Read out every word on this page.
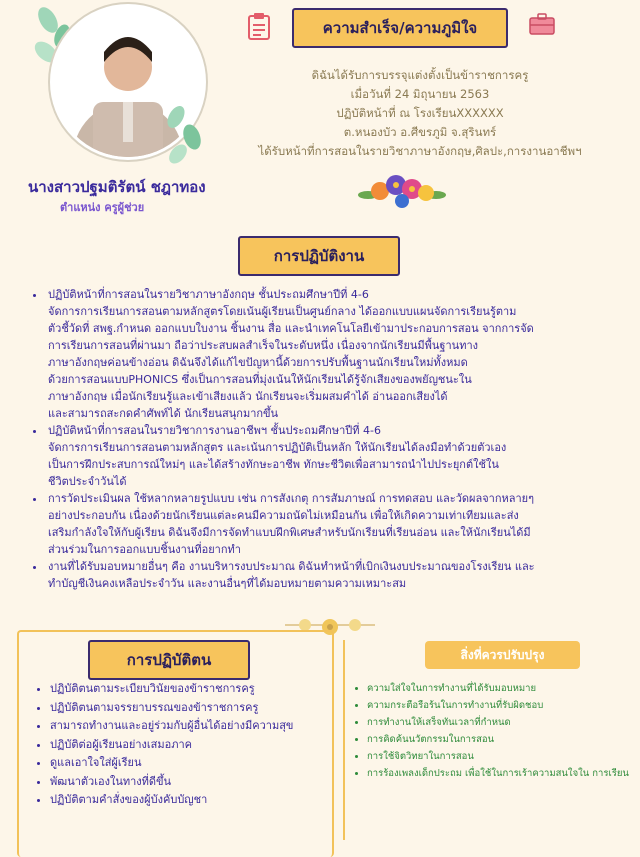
นางสาวปฐมติรัตน์ ชฎาทอง
ตำแหน่ง ครูผู้ช่วย
ความสำเร็จ/ความภูมิใจ
ดิฉันได้รับการบรรจุแต่งตั้งเป็นข้าราชการครู
เมื่อวันที่ 24 มิถุนายน 2563
ปฏิบัติหน้าที่ ณ โรงเรียนXXXXXX
ต.หนองบัว อ.ศีขรภูมิ จ.สุรินทร์
ได้รับหน้าที่การสอนในรายวิชาภาษาอังกฤษ,ศิลปะ,การงานอาชีพฯ
การปฏิบัติงาน
• ปฏิบัติหน้าที่การสอนในรายวิชาภาษาอังกฤษ ชั้นประถมศึกษาปีที่ 4-6
จัดการการเรียนการสอนตามหลักสูตรโดยเน้นผู้เรียนเป็นศูนย์กลาง ได้ออกแบบแผนจัดการเรียนรู้ตาม
ตัวชี้วัดที่ สพฐ.กำหนด ออกแบบใบงาน ชิ้นงาน สื่อ และนำเทคโนโลยีเข้ามาประกอบการสอน จากการจัด
การเรียนการสอนที่ผ่านมา ถือว่าประสบผลสำเร็จในระดับหนึ่ง เนื่องจากนักเรียนมีพื้นฐานทาง
ภาษาอังกฤษค่อนข้างอ่อน ดิฉันจึงได้แก้ไขปัญหานี้ด้วยการปรับพื้นฐานนักเรียนใหม่ทั้งหมด
ด้วยการสอนแบบPHONICS ซึ่งเป็นการสอนที่มุ่งเน้นให้นักเรียนได้รู้จักเสียงของพยัญชนะใน
ภาษาอังกฤษ เมื่อนักเรียนรู้และเข้าเสียงแล้ว นักเรียนจะเริ่มผสมคำได้ อ่านออกเสียงได้
และสามารถสะกดคำศัพท์ได้ นักเรียนสนุกมากขึ้น
• ปฏิบัติหน้าที่การสอนในรายวิชาการงานอาชีพฯ ชั้นประถมศึกษาปีที่ 4-6
จัดการการเรียนการสอนตามหลักสูตร และเน้นการปฏิบัติเป็นหลัก ให้นักเรียนได้ลงมือทำด้วยตัวเอง
เป็นการฝึกประสบการณ์ใหม่ๆ และได้สร้างทักษะอาชีพ ทักษะชีวิตเพื่อสามารถนำไปประยุกต์ใช้ใน
ชีวิตประจำวันได้
• การวัดประเมินผล ใช้หลากหลายรูปแบบ เช่น การสังเกตุ การสัมภาษณ์ การทดสอบ และวัดผลจากหลายๆ
อย่างประกอบกัน เนื่องด้วยนักเรียนแต่ละคนมีความถนัดไม่เหมือนกัน เพื่อให้เกิดความเท่าเทียมและส่ง
เสริมกำลังใจให้กับผู้เรียน ดิฉันจึงมีการจัดทำแบบฝึกพิเศษสำหรับนักเรียนที่เรียนอ่อน และให้นักเรียนได้มี
ส่วนร่วมในการออกแบบชิ้นงานที่อยากทำ
• งานที่ได้รับมอบหมายอื่นๆ คือ งานบริหารงบประมาณ ดิฉันทำหน้าที่เบิกเงินงบประมาณของโรงเรียน และ
ทำบัญชีเงินคงเหลือประจำวัน และงานอื่นๆที่ได้มอบหมายตามความเหมาะสม
การปฏิบัติตน
• ปฏิบัติตนตามระเบียบวินัยของข้าราชการครู
• ปฏิบัติตนตามจรรยาบรรณของข้าราชการครู
• สามารถทำงานและอยู่ร่วมกับผู้อื่นได้อย่างมีความสุข
• ปฏิบัติต่อผู้เรียนอย่างเสมอภาค
• ดูแลเอาใจใส่ผู้เรียน
• พัฒนาตัวเองในทางที่ดีขึ้น
• ปฏิบัติตามคำสั่งของผู้บังคับบัญชา
สิ่งที่ควรปรับปรุง
• ความใส่ใจในการทำงานที่ได้รับมอบหมาย
• ความกระตือรือร้นในการทำงานที่รับผิดชอบ
• การทำงานให้เสร็จทันเวลาที่กำหนด
• การคิดค้นนวัตกรรมในการสอน
• การใช้จิตวิทยาในการสอน
• การร้องเพลงเด็กประถม เพื่อใช้ในการเร้าความสนใจใน การเรียน
